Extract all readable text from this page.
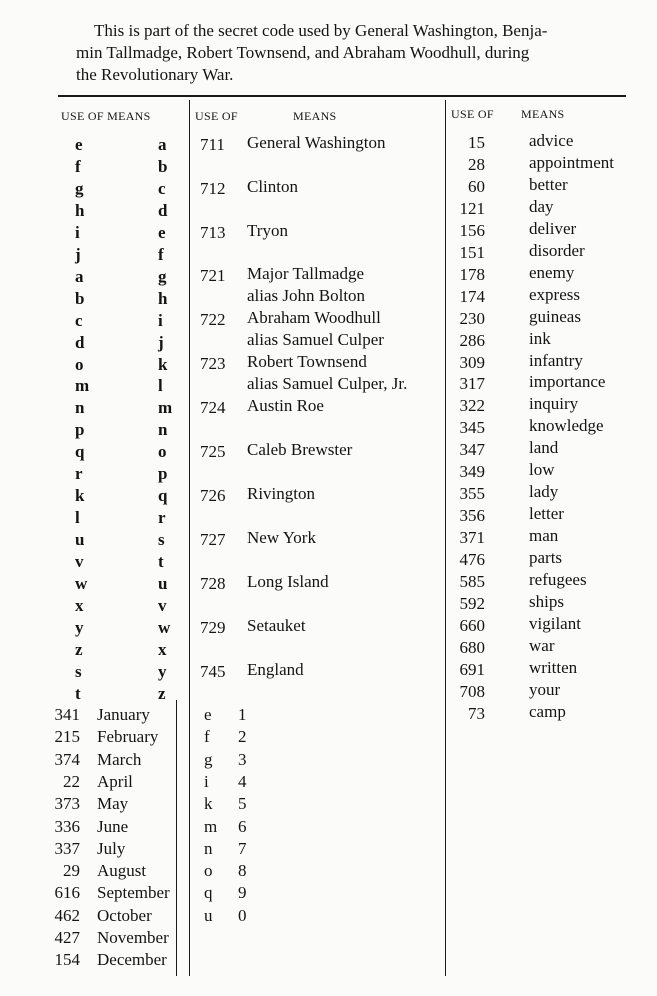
This is part of the secret code used by General Washington, Benja-
min Tallmadge, Robert Townsend, and Abraham Woodhull, during
the Revolutionary War.
USE OF MEANS	USE OF	MEANS	USE OF MEANS
e	a
f	b
g	c
h	d
i	e
j	f
a	g
b	h
c	i
d	j
o	k
m	l
n	m
p	n
q	o
r	p
k	q
l	r
u	s
v	t
w	u
x	v
y	w
z	x
s	y
t	z
341 January
215 February
374 March
22 April
373 May
336 June
337 July
29 August
616 September
462 October
427 November
154 December
e 1
f 2
g 3
i 4
k 5
m 6
n 7
o 8
q 9
u 0
711 General Washington
712 Clinton
713 Tryon
721 Major Tallmadge
alias John Bolton
722 Abraham Woodhull
alias Samuel Culper
723 Robert Townsend
alias Samuel Culper, Jr.
724 Austin Roe
725 Caleb Brewster
726 Rivington
727 New York
728 Long Island
729 Setauket
745 England
15	advice
28	appointment
60	better
121	day
156	deliver
151	disorder
178	enemy
174	express
230	guineas
286	ink
309	infantry
317	importance
322	inquiry
345	knowledge
347	land
349	low
355	lady
356	letter
371	man
476	parts
585	refugees
592	ships
660	vigilant
680	war
691	written
708	your
73	camp
